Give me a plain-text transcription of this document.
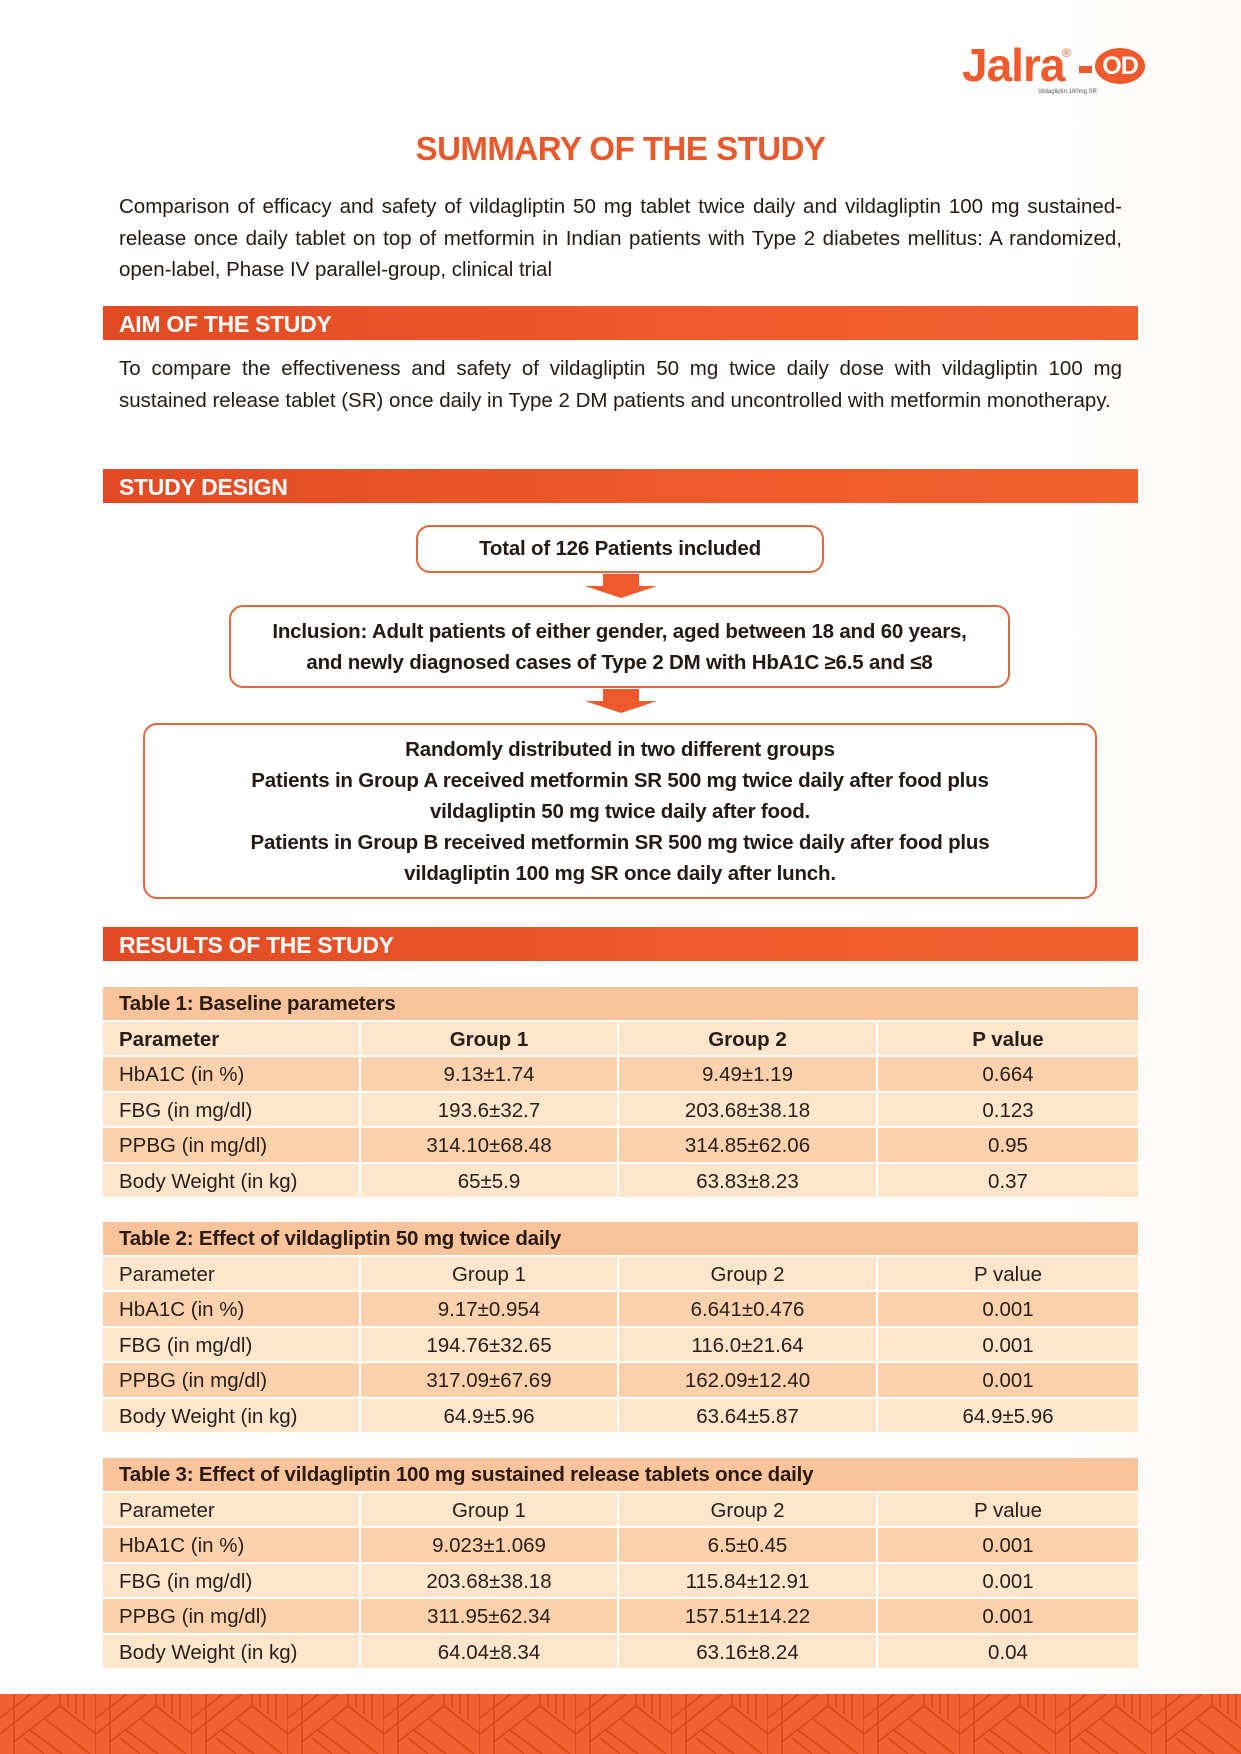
Jalra
® OD
Vildagliptin 100mg SR
SUMMARY OF THE STUDY
Comparison of efficacy and safety of vildagliptin 50 mg tablet twice daily and vildagliptin 100 mg sustained-release once daily tablet on top of metformin in Indian patients with Type 2 diabetes mellitus: A randomized, open-label, Phase IV parallel-group, clinical trial
AIM OF THE STUDY
To compare the effectiveness and safety of vildagliptin 50 mg twice daily dose with vildagliptin 100 mg sustained release tablet (SR) once daily in Type 2 DM patients and uncontrolled with metformin monotherapy.
STUDY DESIGN
Total of 126 Patients included
Inclusion: Adult patients of either gender, aged between 18 and 60 years,
and newly diagnosed cases of Type 2 DM with HbA1C ≥6.5 and ≤8
Randomly distributed in two different groups
Patients in Group A received metformin SR 500 mg twice daily after food plus
vildagliptin 50 mg twice daily after food.
Patients in Group B received metformin SR 500 mg twice daily after food plus
vildagliptin 100 mg SR once daily after lunch.
RESULTS OF THE STUDY
Table 1: Baseline parameters
Parameter	Group 1	Group 2	P value
HbA1C (in %)	9.13±1.74	9.49±1.19	0.664
FBG (in mg/dl)	193.6±32.7	203.68±38.18	0.123
PPBG (in mg/dl)	314.10±68.48	314.85±62.06	0.95
Body Weight (in kg)	65±5.9	63.83±8.23	0.37
Table 2: Effect of vildagliptin 50 mg twice daily
Parameter	Group 1	Group 2	P value
HbA1C (in %)	9.17±0.954	6.641±0.476	0.001
FBG (in mg/dl)	194.76±32.65	116.0±21.64	0.001
PPBG (in mg/dl)	317.09±67.69	162.09±12.40	0.001
Body Weight (in kg)	64.9±5.96	63.64±5.87	64.9±5.96
Table 3: Effect of vildagliptin 100 mg sustained release tablets once daily
Parameter	Group 1	Group 2	P value
HbA1C (in %)	9.023±1.069	6.5±0.45	0.001
FBG (in mg/dl)	203.68±38.18	115.84±12.91	0.001
PPBG (in mg/dl)	311.95±62.34	157.51±14.22	0.001
Body Weight (in kg)	64.04±8.34	63.16±8.24	0.04
